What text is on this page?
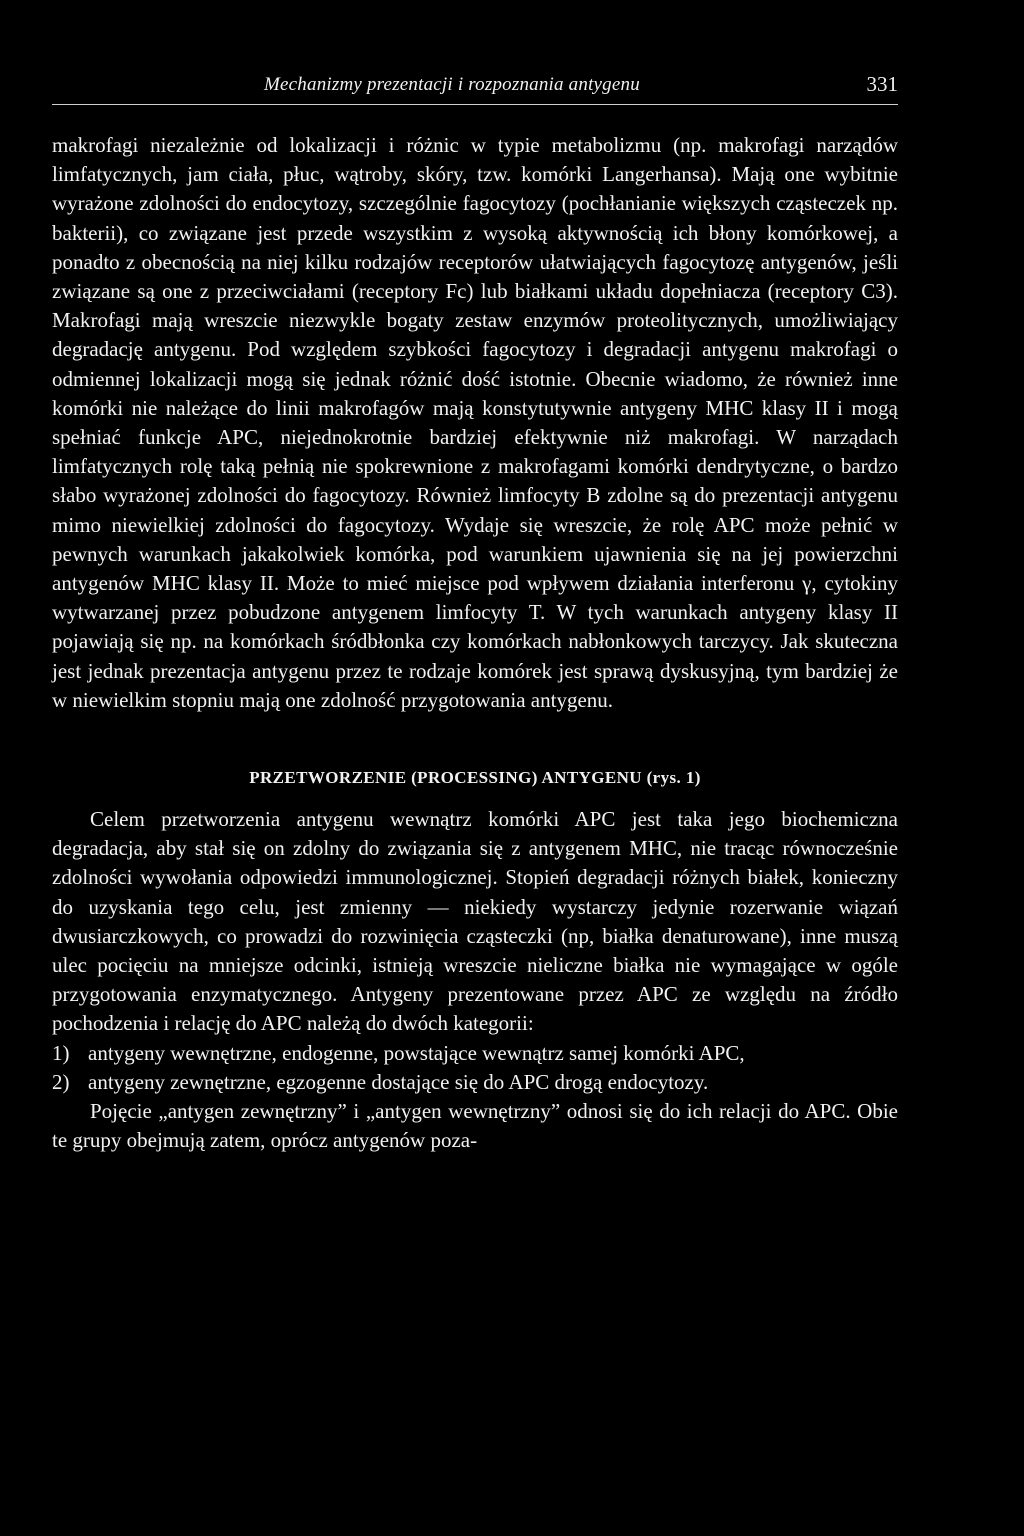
Mechanizmy prezentacji i rozpoznania antygenu	331

makrofagi niezależnie od lokalizacji i różnic w typie metabolizmu (np. makrofagi narządów limfatycznych, jam ciała, płuc, wątroby, skóry, tzw. komórki Langerhansa). Mają one wybitnie wyrażone zdolności do endocytozy, szczególnie fagocytozy (pochłanianie większych cząsteczek np. bakterii), co związane jest przede wszystkim z wysoką aktywnością ich błony komórkowej, a ponadto z obecnością na niej kilku rodzajów receptorów ułatwiających fagocytozę antygenów, jeśli związane są one z przeciwciałami (receptory Fc) lub białkami układu dopełniacza (receptory C3). Makrofagi mają wreszcie niezwykle bogaty zestaw enzymów proteolitycznych, umożliwiający degradację antygenu. Pod względem szybkości fagocytozy i degradacji antygenu makrofagi o odmiennej lokalizacji mogą się jednak różnić dość istotnie. Obecnie wiadomo, że również inne komórki nie należące do linii makrofagów mają konstytutywnie antygeny MHC klasy II i mogą spełniać funkcje APC, niejednokrotnie bardziej efektywnie niż makrofagi. W narządach limfatycznych rolę taką pełnią nie spokrewnione z makrofagami komórki dendrytyczne, o bardzo słabo wyrażonej zdolności do fagocytozy. Również limfocyty B zdolne są do prezentacji antygenu mimo niewielkiej zdolności do fagocytozy. Wydaje się wreszcie, że rolę APC może pełnić w pewnych warunkach jakakolwiek komórka, pod warunkiem ujawnienia się na jej powierzchni antygenów MHC klasy II. Może to mieć miejsce pod wpływem działania interferonu γ, cytokiny wytwarzanej przez pobudzone antygenem limfocyty T. W tych warunkach antygeny klasy II pojawiają się np. na komórkach śródbłonka czy komórkach nabłonkowych tarczycy. Jak skuteczna jest jednak prezentacja antygenu przez te rodzaje komórek jest sprawą dyskusyjną, tym bardziej że w niewielkim stopniu mają one zdolność przygotowania antygenu.

PRZETWORZENIE (PROCESSING) ANTYGENU (rys. 1)

Celem przetworzenia antygenu wewnątrz komórki APC jest taka jego biochemiczna degradacja, aby stał się on zdolny do związania się z antygenem MHC, nie tracąc równocześnie zdolności wywołania odpowiedzi immunologicznej. Stopień degradacji różnych białek, konieczny do uzyskania tego celu, jest zmienny — niekiedy wystarczy jedynie rozerwanie wiązań dwusiarczkowych, co prowadzi do rozwinięcia cząsteczki (np, białka denaturowane), inne muszą ulec pocięciu na mniejsze odcinki, istnieją wreszcie nieliczne białka nie wymagające w ogóle przygotowania enzymatycznego. Antygeny prezentowane przez APC ze względu na źródło pochodzenia i relację do APC należą do dwóch kategorii:

1) antygeny wewnętrzne, endogenne, powstające wewnątrz samej komórki APC,
2) antygeny zewnętrzne, egzogenne dostające się do APC drogą endocytozy.

Pojęcie „antygen zewnętrzny” i „antygen wewnętrzny” odnosi się do ich relacji do APC. Obie te grupy obejmują zatem, oprócz antygenów poza-
